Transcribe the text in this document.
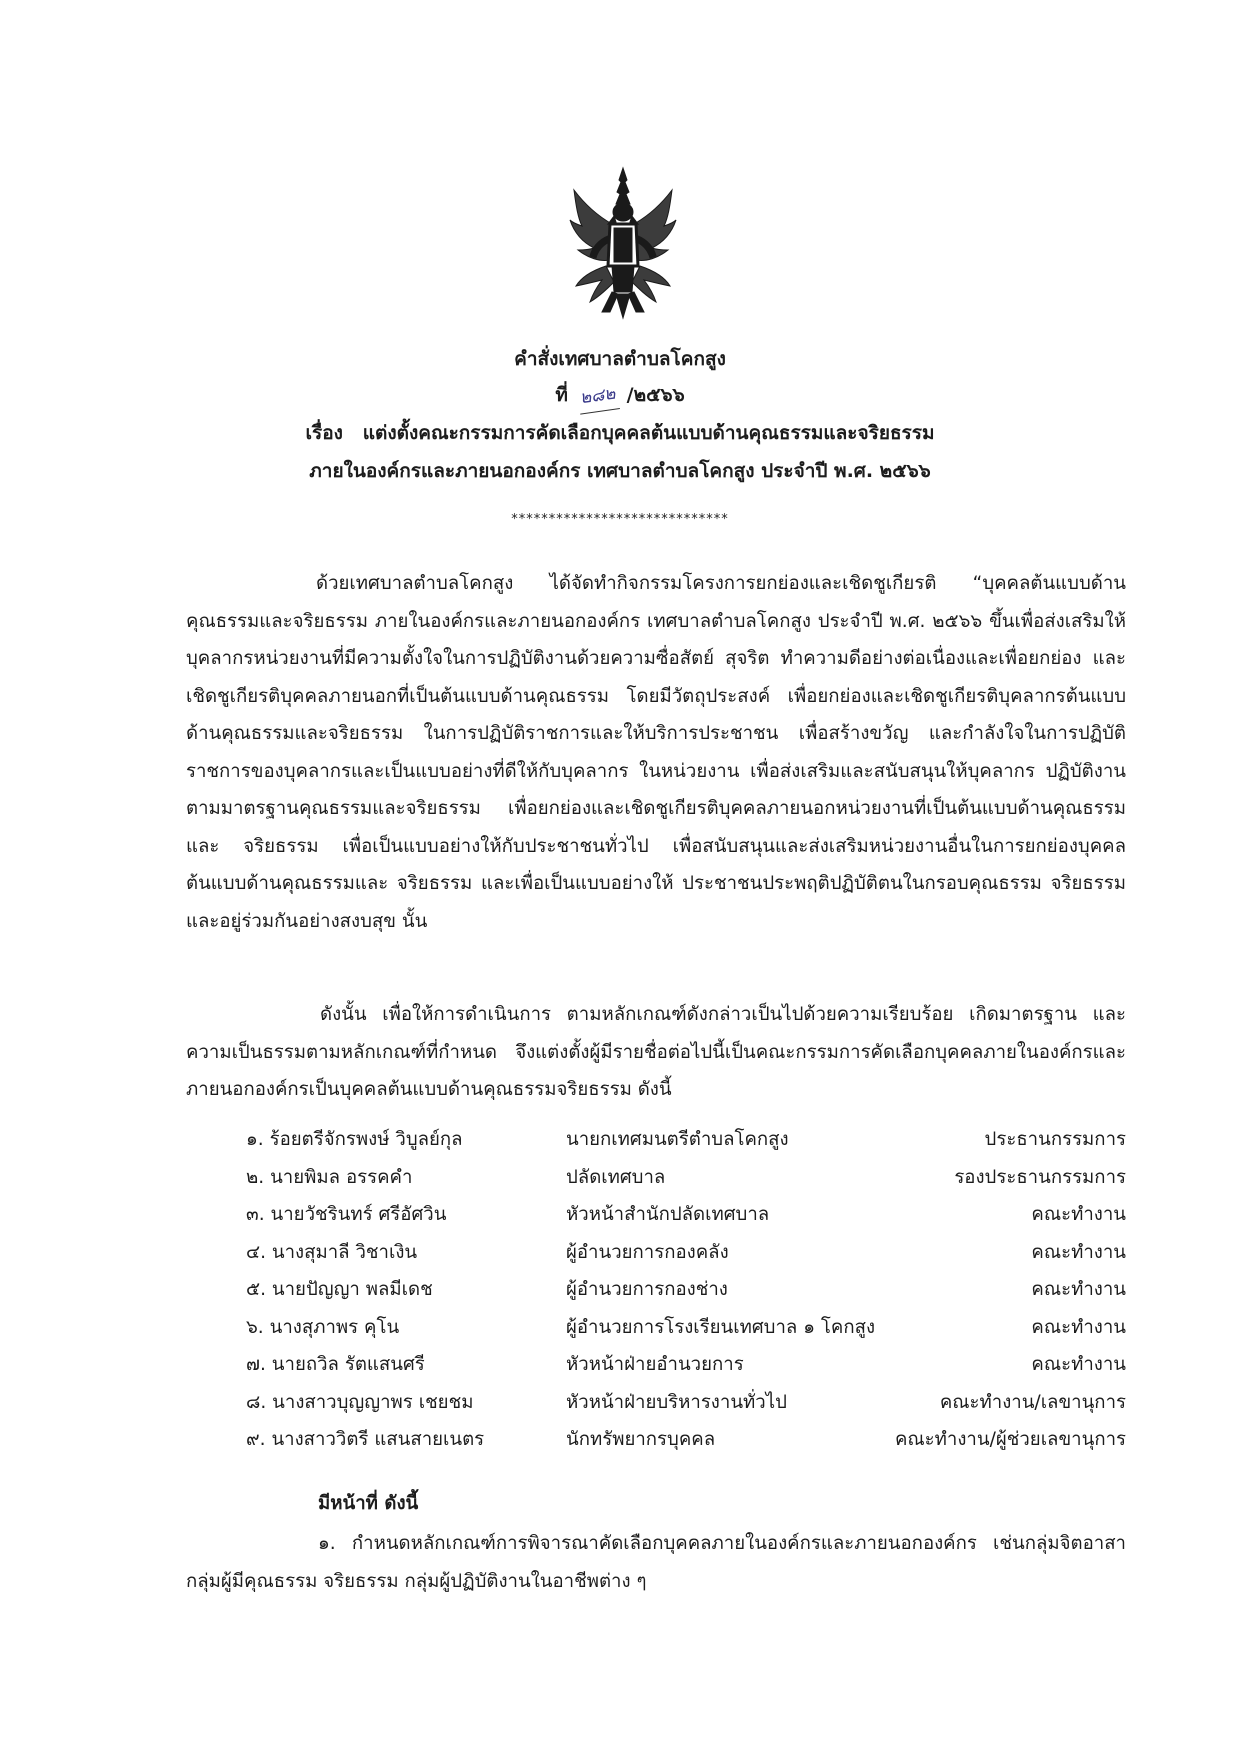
คำสั่งเทศบาลตำบลโคกสูง
ที่ ๒๘๒ /๒๕๖๖
เรื่อง แต่งตั้งคณะกรรมการคัดเลือกบุคคลต้นแบบด้านคุณธรรมและจริยธรรม
ภายในองค์กรและภายนอกองค์กร เทศบาลตำบลโคกสูง ประจำปี พ.ศ. ๒๕๖๖
*****************************
ด้วยเทศบาลตำบลโคกสูง ได้จัดทำกิจกรรมโครงการยกย่องและเชิดชูเกียรติ “บุคคลต้นแบบด้านคุณธรรมและจริยธรรม ภายในองค์กรและภายนอกองค์กร เทศบาลตำบลโคกสูง ประจำปี พ.ศ. ๒๕๖๖ ขึ้นเพื่อส่งเสริมให้บุคลากรหน่วยงานที่มีความตั้งใจในการปฏิบัติงานด้วยความซื่อสัตย์ สุจริต ทำความดีอย่างต่อเนื่องและเพื่อยกย่อง และเชิดชูเกียรติบุคคลภายนอกที่เป็นต้นแบบด้านคุณธรรม โดยมีวัตถุประสงค์ เพื่อยกย่องและเชิดชูเกียรติบุคลากรต้นแบบด้านคุณธรรมและจริยธรรม ในการปฏิบัติราชการและให้บริการประชาชน เพื่อสร้างขวัญ และกำลังใจในการปฏิบัติราชการของบุคลากรและเป็นแบบอย่างที่ดีให้กับบุคลากร ในหน่วยงาน เพื่อส่งเสริมและสนับสนุนให้บุคลากร ปฏิบัติงานตามมาตรฐานคุณธรรมและจริยธรรม เพื่อยกย่องและเชิดชูเกียรติบุคคลภายนอกหน่วยงานที่เป็นต้นแบบด้านคุณธรรมและ จริยธรรม เพื่อเป็นแบบอย่างให้กับประชาชนทั่วไป เพื่อสนับสนุนและส่งเสริมหน่วยงานอื่นในการยกย่องบุคคลต้นแบบด้านคุณธรรมและ จริยธรรม และเพื่อเป็นแบบอย่างให้ ประชาชนประพฤติปฏิบัติตนในกรอบคุณธรรม จริยธรรม และอยู่ร่วมกันอย่างสงบสุข นั้น
ดังนั้น เพื่อให้การดำเนินการ ตามหลักเกณฑ์ดังกล่าวเป็นไปด้วยความเรียบร้อย เกิดมาตรฐาน และความเป็นธรรมตามหลักเกณฑ์ที่กำหนด จึงแต่งตั้งผู้มีรายชื่อต่อไปนี้เป็นคณะกรรมการคัดเลือกบุคคลภายในองค์กรและภายนอกองค์กรเป็นบุคคลต้นแบบด้านคุณธรรมจริยธรรม ดังนี้
๑. ร้อยตรีจักรพงษ์ วิบูลย์กุล	นายกเทศมนตรีตำบลโคกสูง	ประธานกรรมการ
๒. นายพิมล อรรคคำ	ปลัดเทศบาล	รองประธานกรรมการ
๓. นายวัชรินทร์ ศรีอัศวิน	หัวหน้าสำนักปลัดเทศบาล	คณะทำงาน
๔. นางสุมาลี วิชาเงิน	ผู้อำนวยการกองคลัง	คณะทำงาน
๕. นายปัญญา พลมีเดช	ผู้อำนวยการกองช่าง	คณะทำงาน
๖. นางสุภาพร คุโน	ผู้อำนวยการโรงเรียนเทศบาล ๑ โคกสูง	คณะทำงาน
๗. นายถวิล รัตแสนศรี	หัวหน้าฝ่ายอำนวยการ	คณะทำงาน
๘. นางสาวบุญญาพร เชยชม	หัวหน้าฝ่ายบริหารงานทั่วไป	คณะทำงาน/เลขานุการ
๙. นางสาววิตรี แสนสายเนตร	นักทรัพยากรบุคคล	คณะทำงาน/ผู้ช่วยเลขานุการ
มีหน้าที่ ดังนี้
๑. กำหนดหลักเกณฑ์การพิจารณาคัดเลือกบุคคลภายในองค์กรและภายนอกองค์กร เช่นกลุ่มจิตอาสา กลุ่มผู้มีคุณธรรม จริยธรรม กลุ่มผู้ปฏิบัติงานในอาชีพต่าง ๆ
